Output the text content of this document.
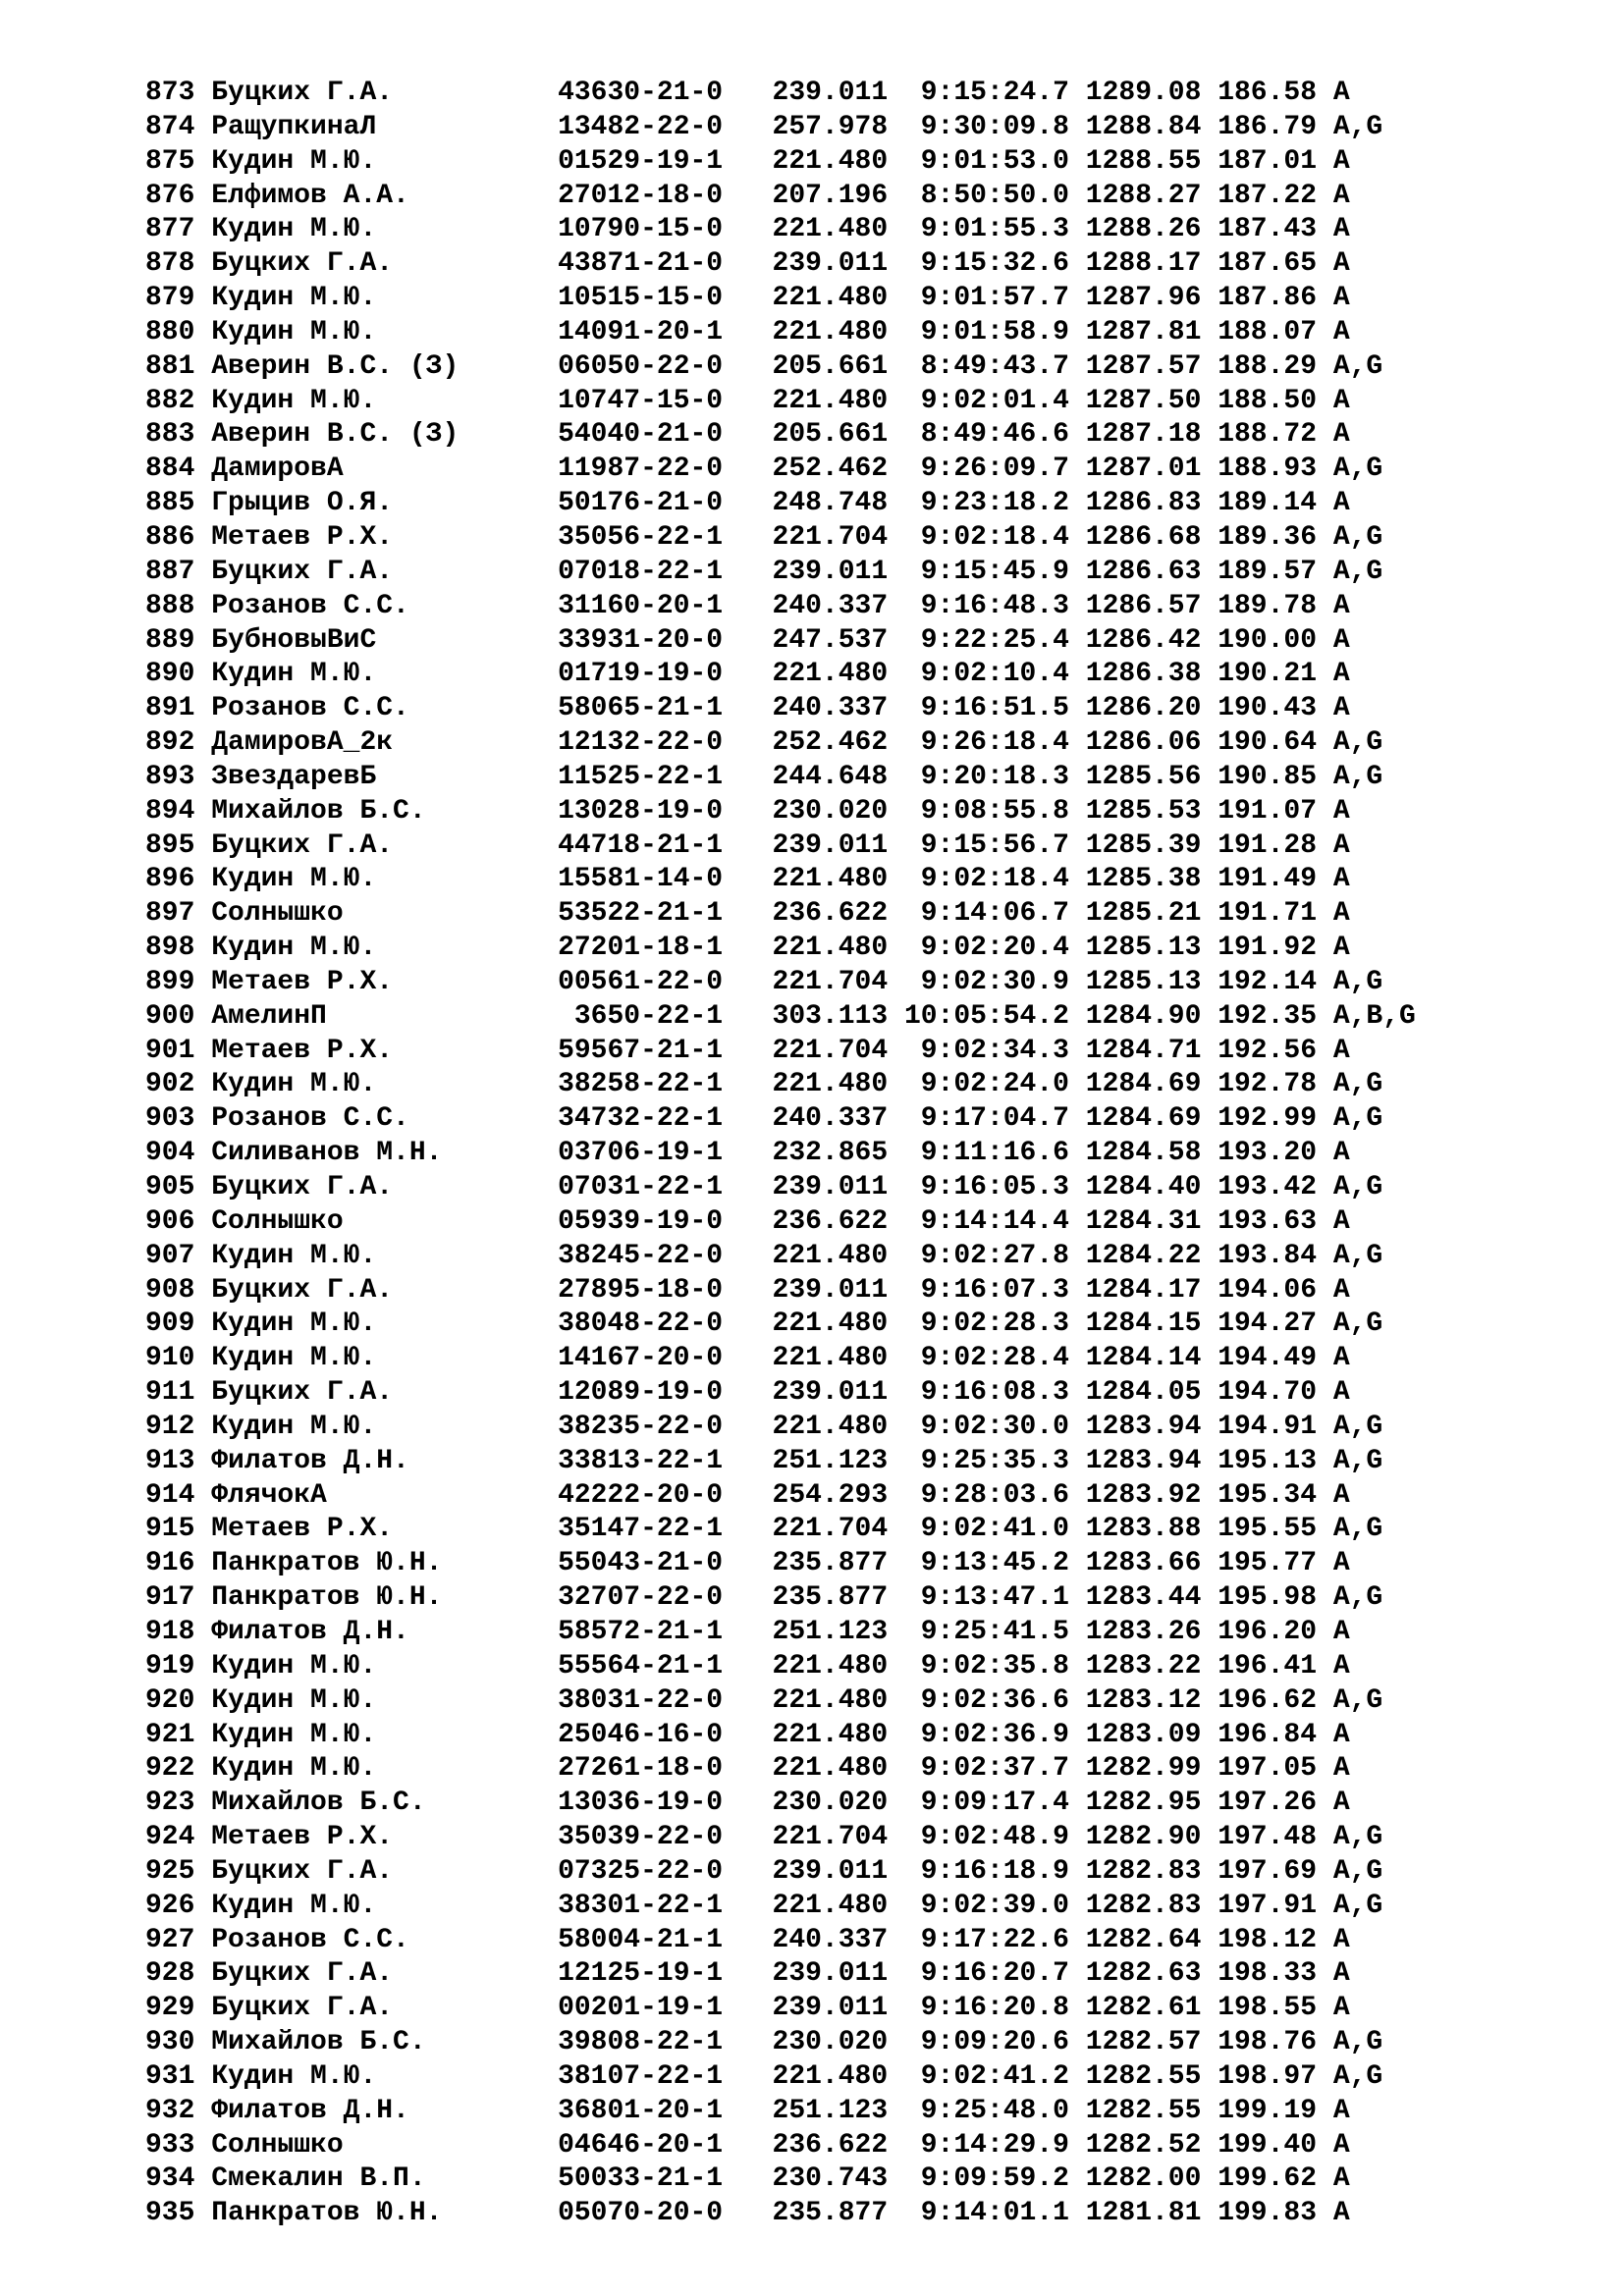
873 Буцких Г.А.          43630-21-0   239.011  9:15:24.7 1289.08 186.58 A
874 РащупкинаЛ           13482-22-0   257.978  9:30:09.8 1288.84 186.79 A,G
875 Кудин М.Ю.           01529-19-1   221.480  9:01:53.0 1288.55 187.01 A
876 Елфимов А.А.         27012-18-0   207.196  8:50:50.0 1288.27 187.22 A
877 Кудин М.Ю.           10790-15-0   221.480  9:01:55.3 1288.26 187.43 A
878 Буцких Г.А.          43871-21-0   239.011  9:15:32.6 1288.17 187.65 A
879 Кудин М.Ю.           10515-15-0   221.480  9:01:57.7 1287.96 187.86 A
880 Кудин М.Ю.           14091-20-1   221.480  9:01:58.9 1287.81 188.07 A
881 Аверин В.С. (З)      06050-22-0   205.661  8:49:43.7 1287.57 188.29 A,G
882 Кудин М.Ю.           10747-15-0   221.480  9:02:01.4 1287.50 188.50 A
883 Аверин В.С. (З)      54040-21-0   205.661  8:49:46.6 1287.18 188.72 A
884 ДамировА             11987-22-0   252.462  9:26:09.7 1287.01 188.93 A,G
885 Грыцив О.Я.          50176-21-0   248.748  9:23:18.2 1286.83 189.14 A
886 Метаев Р.Х.          35056-22-1   221.704  9:02:18.4 1286.68 189.36 A,G
887 Буцких Г.А.          07018-22-1   239.011  9:15:45.9 1286.63 189.57 A,G
888 Розанов С.С.         31160-20-1   240.337  9:16:48.3 1286.57 189.78 A
889 БубновыВиС           33931-20-0   247.537  9:22:25.4 1286.42 190.00 A
890 Кудин М.Ю.           01719-19-0   221.480  9:02:10.4 1286.38 190.21 A
891 Розанов С.С.         58065-21-1   240.337  9:16:51.5 1286.20 190.43 A
892 ДамировА_2к          12132-22-0   252.462  9:26:18.4 1286.06 190.64 A,G
893 ЗвездаревБ           11525-22-1   244.648  9:20:18.3 1285.56 190.85 A,G
894 Михайлов Б.С.        13028-19-0   230.020  9:08:55.8 1285.53 191.07 A
895 Буцких Г.А.          44718-21-1   239.011  9:15:56.7 1285.39 191.28 A
896 Кудин М.Ю.           15581-14-0   221.480  9:02:18.4 1285.38 191.49 A
897 Солнышко             53522-21-1   236.622  9:14:06.7 1285.21 191.71 A
898 Кудин М.Ю.           27201-18-1   221.480  9:02:20.4 1285.13 191.92 A
899 Метаев Р.Х.          00561-22-0   221.704  9:02:30.9 1285.13 192.14 A,G
900 АмелинП               3650-22-1   303.113 10:05:54.2 1284.90 192.35 A,B,G
901 Метаев Р.Х.          59567-21-1   221.704  9:02:34.3 1284.71 192.56 A
902 Кудин М.Ю.           38258-22-1   221.480  9:02:24.0 1284.69 192.78 A,G
903 Розанов С.С.         34732-22-1   240.337  9:17:04.7 1284.69 192.99 A,G
904 Силиванов М.Н.       03706-19-1   232.865  9:11:16.6 1284.58 193.20 A
905 Буцких Г.А.          07031-22-1   239.011  9:16:05.3 1284.40 193.42 A,G
906 Солнышко             05939-19-0   236.622  9:14:14.4 1284.31 193.63 A
907 Кудин М.Ю.           38245-22-0   221.480  9:02:27.8 1284.22 193.84 A,G
908 Буцких Г.А.          27895-18-0   239.011  9:16:07.3 1284.17 194.06 A
909 Кудин М.Ю.           38048-22-0   221.480  9:02:28.3 1284.15 194.27 A,G
910 Кудин М.Ю.           14167-20-0   221.480  9:02:28.4 1284.14 194.49 A
911 Буцких Г.А.          12089-19-0   239.011  9:16:08.3 1284.05 194.70 A
912 Кудин М.Ю.           38235-22-0   221.480  9:02:30.0 1283.94 194.91 A,G
913 Филатов Д.Н.         33813-22-1   251.123  9:25:35.3 1283.94 195.13 A,G
914 ФлячокА              42222-20-0   254.293  9:28:03.6 1283.92 195.34 A
915 Метаев Р.Х.          35147-22-1   221.704  9:02:41.0 1283.88 195.55 A,G
916 Панкратов Ю.Н.       55043-21-0   235.877  9:13:45.2 1283.66 195.77 A
917 Панкратов Ю.Н.       32707-22-0   235.877  9:13:47.1 1283.44 195.98 A,G
918 Филатов Д.Н.         58572-21-1   251.123  9:25:41.5 1283.26 196.20 A
919 Кудин М.Ю.           55564-21-1   221.480  9:02:35.8 1283.22 196.41 A
920 Кудин М.Ю.           38031-22-0   221.480  9:02:36.6 1283.12 196.62 A,G
921 Кудин М.Ю.           25046-16-0   221.480  9:02:36.9 1283.09 196.84 A
922 Кудин М.Ю.           27261-18-0   221.480  9:02:37.7 1282.99 197.05 A
923 Михайлов Б.С.        13036-19-0   230.020  9:09:17.4 1282.95 197.26 A
924 Метаев Р.Х.          35039-22-0   221.704  9:02:48.9 1282.90 197.48 A,G
925 Буцких Г.А.          07325-22-0   239.011  9:16:18.9 1282.83 197.69 A,G
926 Кудин М.Ю.           38301-22-1   221.480  9:02:39.0 1282.83 197.91 A,G
927 Розанов С.С.         58004-21-1   240.337  9:17:22.6 1282.64 198.12 A
928 Буцких Г.А.          12125-19-1   239.011  9:16:20.7 1282.63 198.33 A
929 Буцких Г.А.          00201-19-1   239.011  9:16:20.8 1282.61 198.55 A
930 Михайлов Б.С.        39808-22-1   230.020  9:09:20.6 1282.57 198.76 A,G
931 Кудин М.Ю.           38107-22-1   221.480  9:02:41.2 1282.55 198.97 A,G
932 Филатов Д.Н.         36801-20-1   251.123  9:25:48.0 1282.55 199.19 A
933 Солнышко             04646-20-1   236.622  9:14:29.9 1282.52 199.40 A
934 Смекалин В.П.        50033-21-1   230.743  9:09:59.2 1282.00 199.62 A
935 Панкратов Ю.Н.       05070-20-0   235.877  9:14:01.1 1281.81 199.83 A
